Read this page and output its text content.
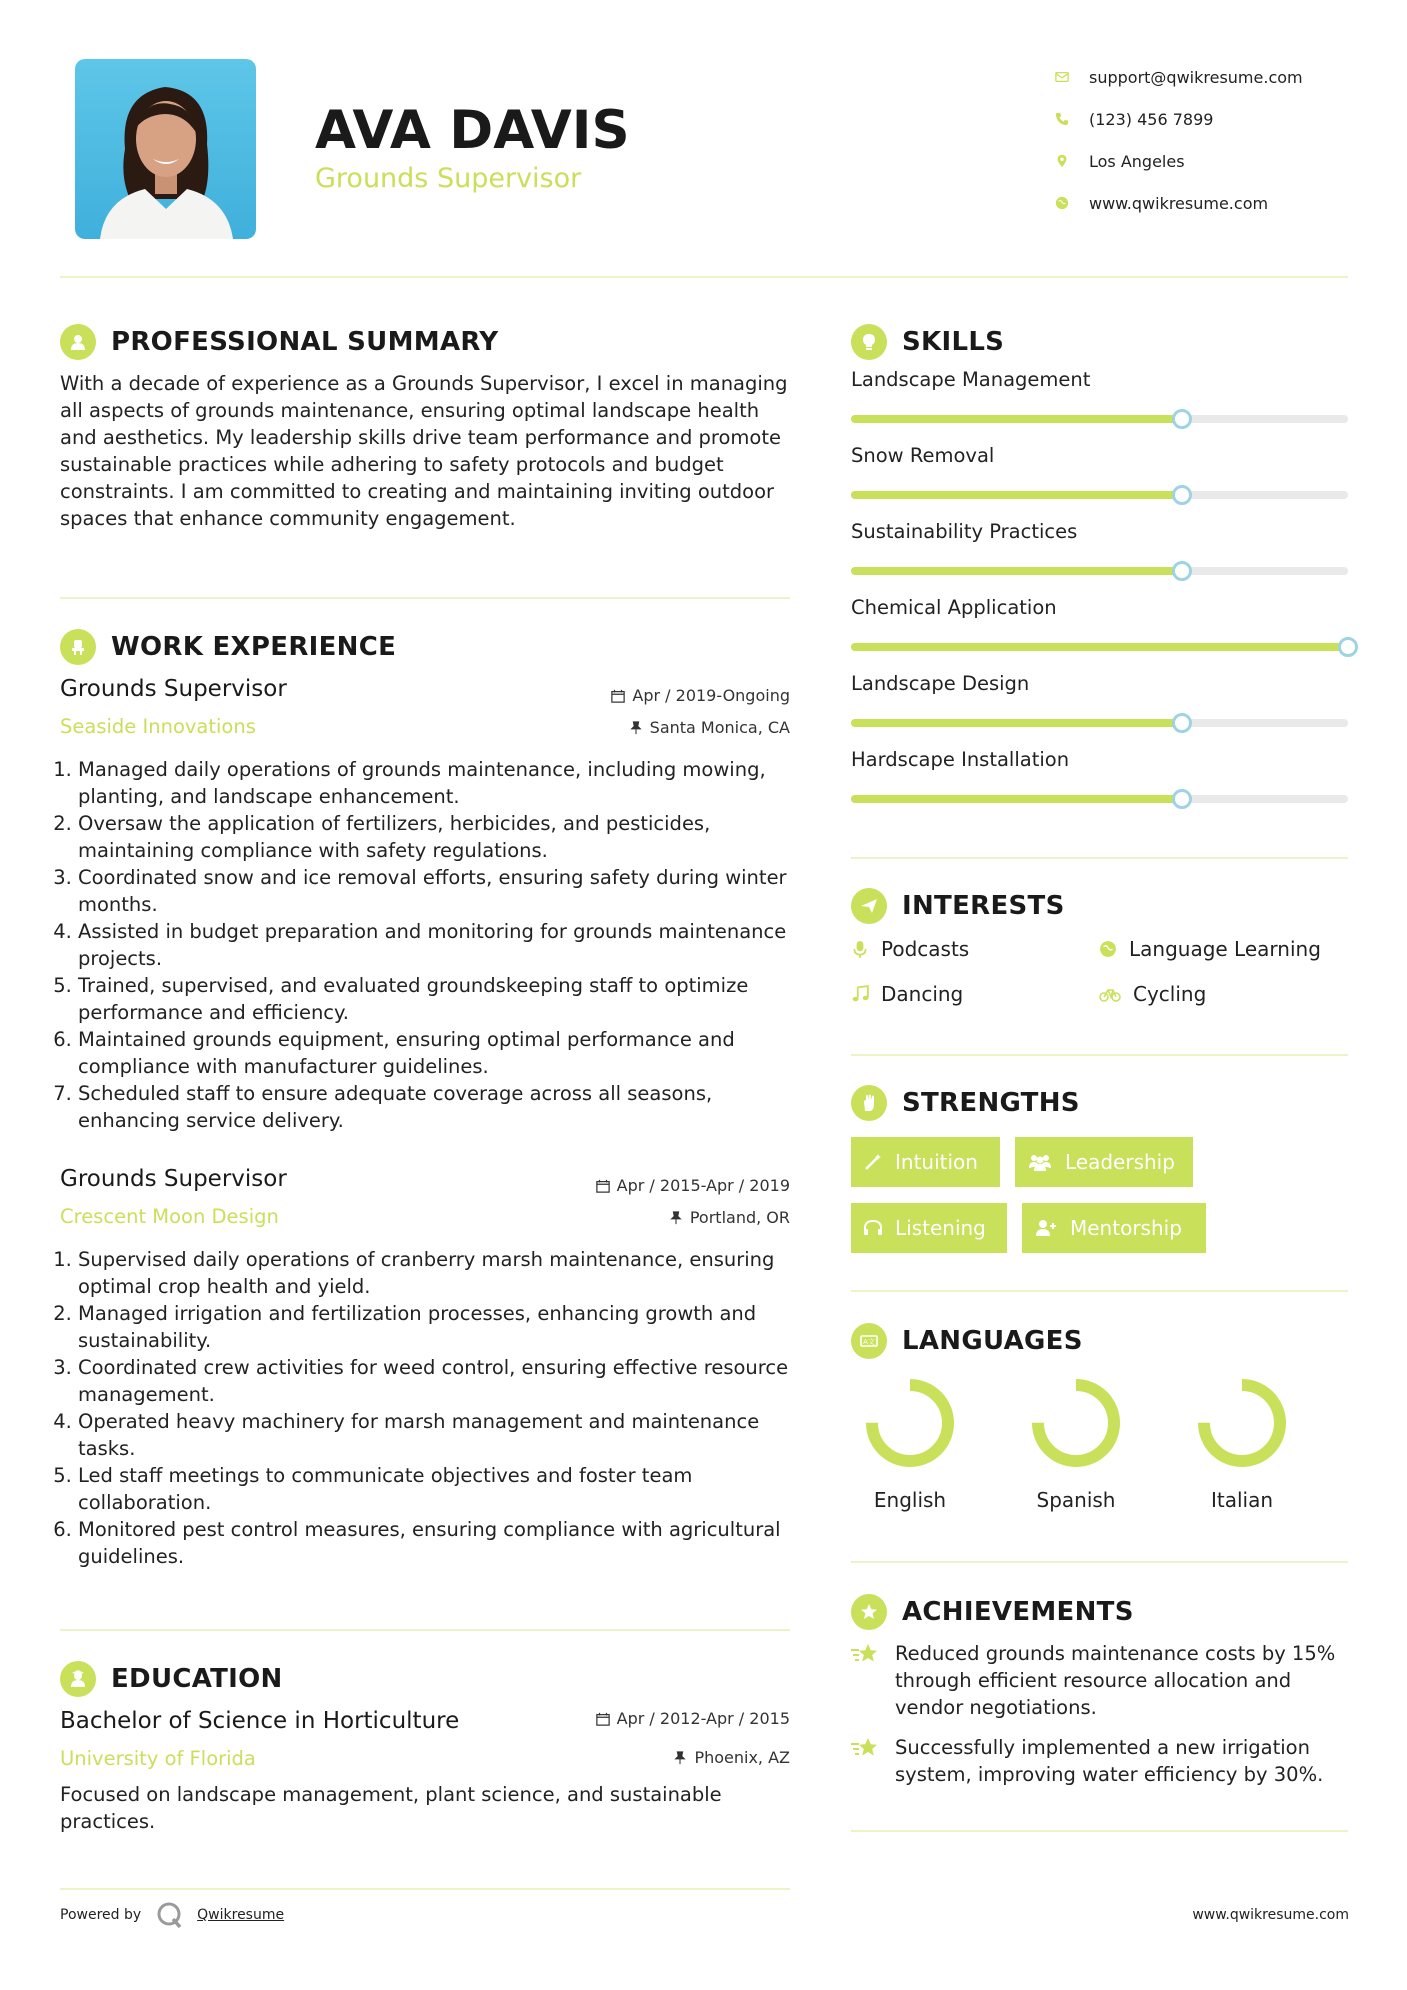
AVA DAVIS
Grounds Supervisor
support@qwikresume.com
(123) 456 7899
Los Angeles
www.qwikresume.com
PROFESSIONAL SUMMARY
With a decade of experience as a Grounds Supervisor, I excel in managing all aspects of grounds maintenance, ensuring optimal landscape health and aesthetics. My leadership skills drive team performance and promote sustainable practices while adhering to safety protocols and budget constraints. I am committed to creating and maintaining inviting outdoor spaces that enhance community engagement.
WORK EXPERIENCE
Grounds Supervisor
Seaside Innovations
Apr / 2019-Ongoing
Santa Monica, CA
1. Managed daily operations of grounds maintenance, including mowing, planting, and landscape enhancement.
2. Oversaw the application of fertilizers, herbicides, and pesticides, maintaining compliance with safety regulations.
3. Coordinated snow and ice removal efforts, ensuring safety during winter months.
4. Assisted in budget preparation and monitoring for grounds maintenance projects.
5. Trained, supervised, and evaluated groundskeeping staff to optimize performance and efficiency.
6. Maintained grounds equipment, ensuring optimal performance and compliance with manufacturer guidelines.
7. Scheduled staff to ensure adequate coverage across all seasons, enhancing service delivery.
Grounds Supervisor
Crescent Moon Design
Apr / 2015-Apr / 2019
Portland, OR
1. Supervised daily operations of cranberry marsh maintenance, ensuring optimal crop health and yield.
2. Managed irrigation and fertilization processes, enhancing growth and sustainability.
3. Coordinated crew activities for weed control, ensuring effective resource management.
4. Operated heavy machinery for marsh management and maintenance tasks.
5. Led staff meetings to communicate objectives and foster team collaboration.
6. Monitored pest control measures, ensuring compliance with agricultural guidelines.
EDUCATION
Bachelor of Science in Horticulture
University of Florida
Apr / 2012-Apr / 2015
Phoenix, AZ
Focused on landscape management, plant science, and sustainable practices.
SKILLS
Landscape Management
Snow Removal
Sustainability Practices
Chemical Application
Landscape Design
Hardscape Installation
INTERESTS
Podcasts	Language Learning
Dancing	Cycling
STRENGTHS
Intuition	Leadership
Listening	Mentorship
A文 LANGUAGES
English	Spanish	Italian
ACHIEVEMENTS
Reduced grounds maintenance costs by 15% through efficient resource allocation and vendor negotiations.
Successfully implemented a new irrigation system, improving water efficiency by 30%.
Powered by	Qwikresume	www.qwikresume.com
